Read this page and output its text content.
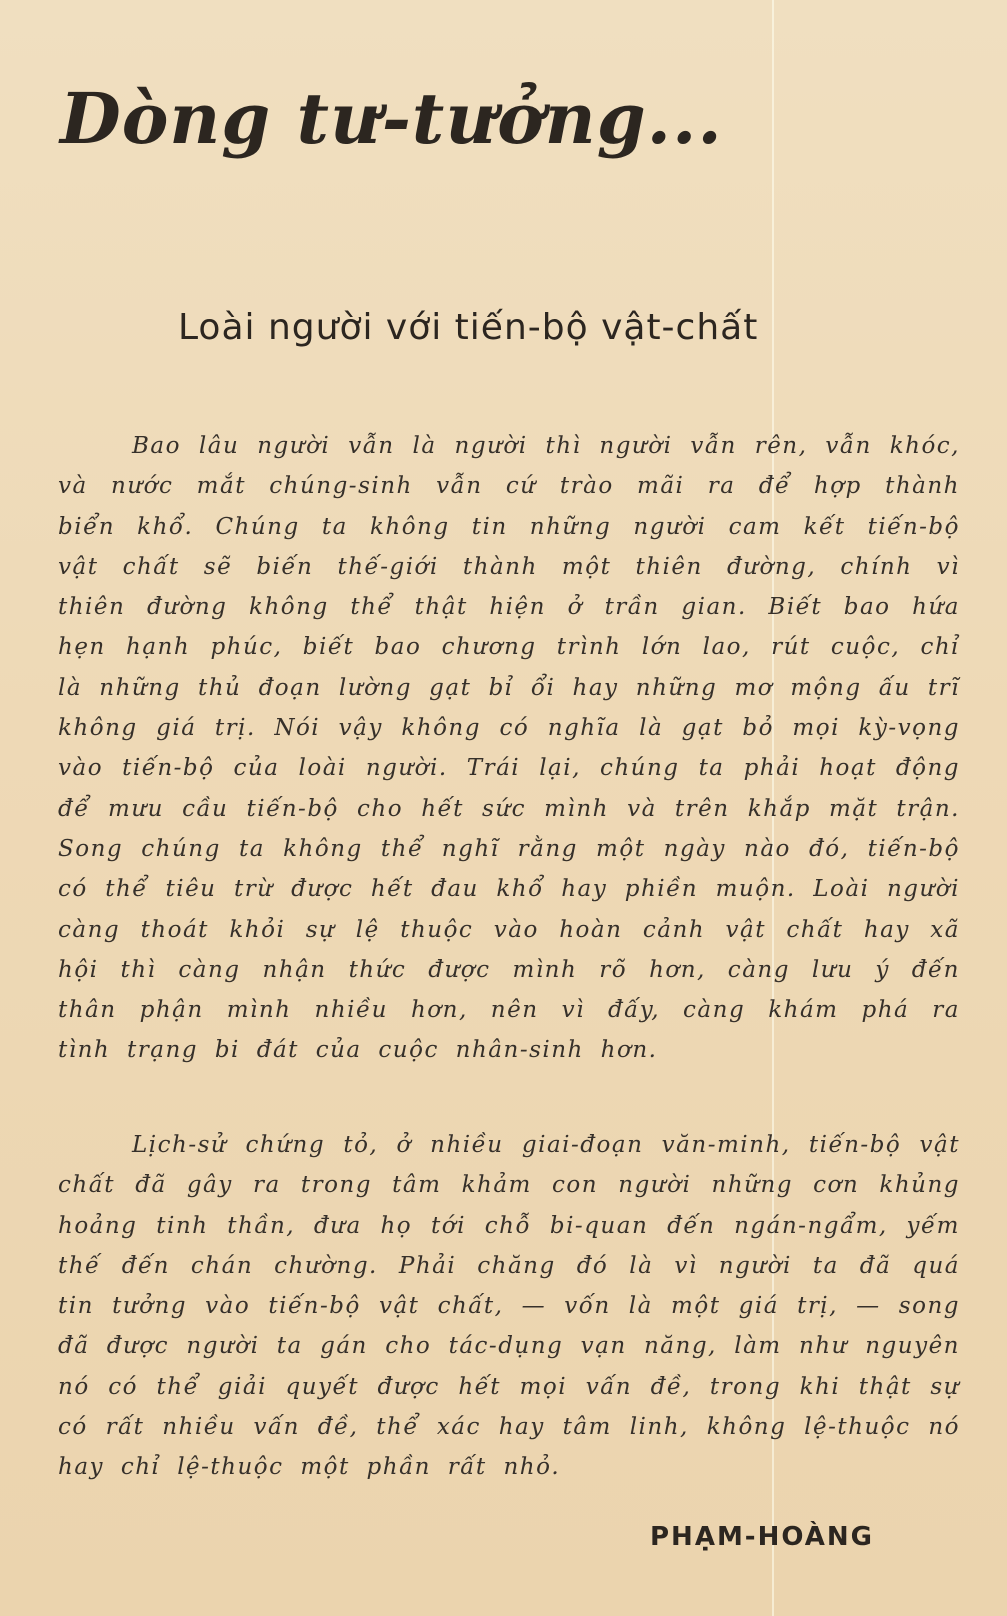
Dòng tư-tưởng...
Loài người với tiến-bộ vật-chất

Bao lâu người vẫn là người thì người vẫn rên, vẫn khóc, và nước mắt chúng-sinh vẫn cứ trào mãi ra để hợp thành biển khổ. Chúng ta không tin những người cam kết tiến-bộ vật chất sẽ biến thế-giới thành một thiên đường, chính vì thiên đường không thể thật hiện ở trần gian. Biết bao hứa hẹn hạnh phúc, biết bao chương trình lớn lao, rút cuộc, chỉ là những thủ đoạn lường gạt bỉ ổi hay những mơ mộng ấu trĩ không giá trị. Nói vậy không có nghĩa là gạt bỏ mọi kỳ-vọng vào tiến-bộ của loài người. Trái lại, chúng ta phải hoạt động để mưu cầu tiến-bộ cho hết sức mình và trên khắp mặt trận. Song chúng ta không thể nghĩ rằng một ngày nào đó, tiến-bộ có thể tiêu trừ được hết đau khổ hay phiền muộn. Loài người càng thoát khỏi sự lệ thuộc vào hoàn cảnh vật chất hay xã hội thì càng nhận thức được mình rõ hơn, càng lưu ý đến thân phận mình nhiều hơn, nên vì đấy, càng khám phá ra tình trạng bi đát của cuộc nhân-sinh hơn.

Lịch-sử chứng tỏ, ở nhiều giai-đoạn văn-minh, tiến-bộ vật chất đã gây ra trong tâm khảm con người những cơn khủng hoảng tinh thần, đưa họ tới chỗ bi-quan đến ngán-ngẩm, yếm thế đến chán chường. Phải chăng đó là vì người ta đã quá tin tưởng vào tiến-bộ vật chất, — vốn là một giá trị, — song đã được người ta gán cho tác-dụng vạn năng, làm như nguyên nó có thể giải quyết được hết mọi vấn đề, trong khi thật sự có rất nhiều vấn đề, thể xác hay tâm linh, không lệ-thuộc nó hay chỉ lệ-thuộc một phần rất nhỏ.

PHẠM-HOÀNG
